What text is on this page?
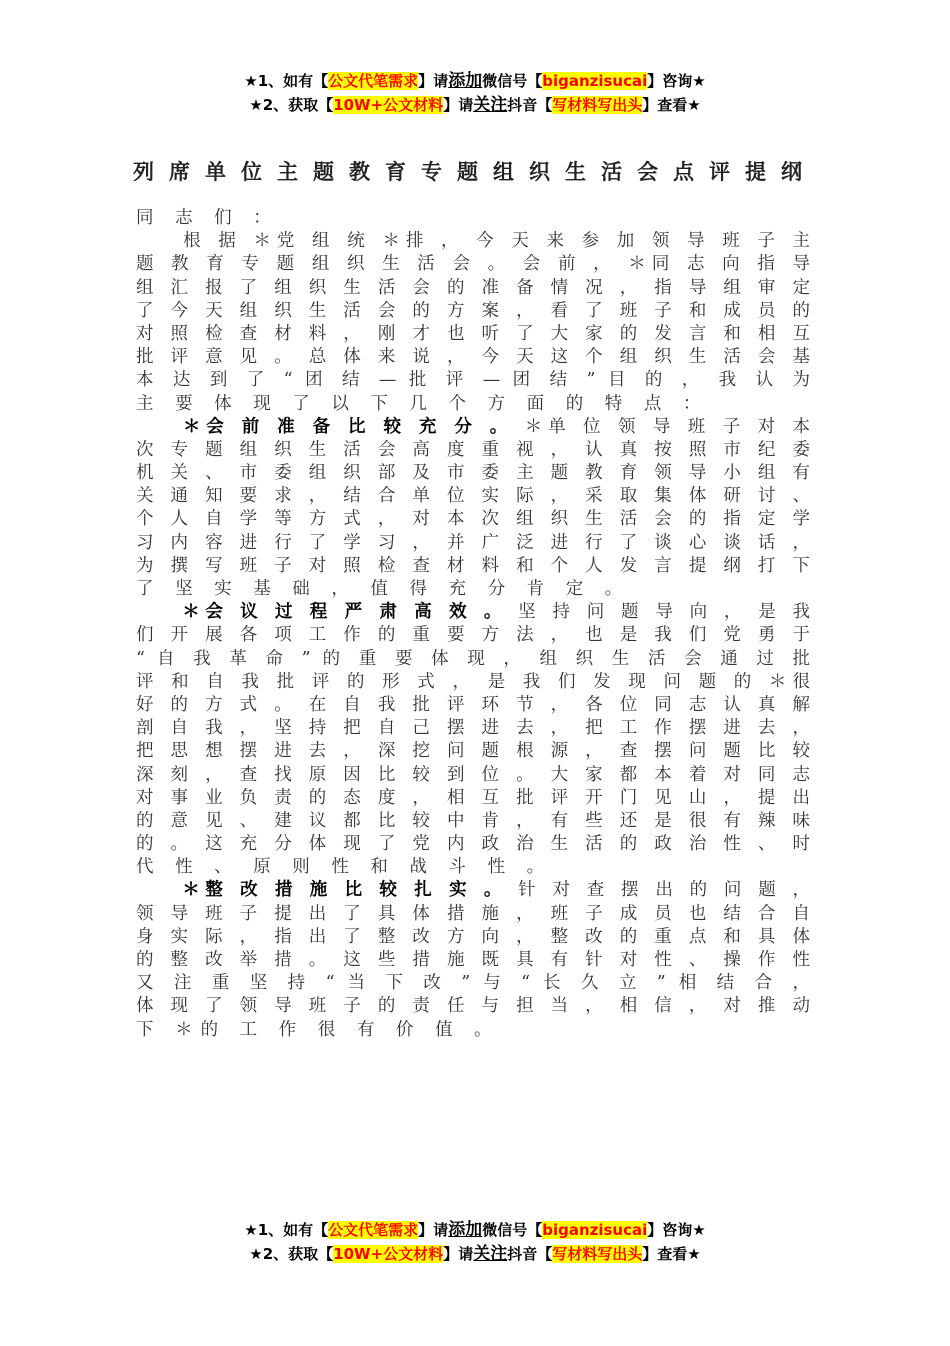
★1、如有【公文代笔需求】请添加微信号【biganzisucai】咨询★
★2、获取【10W+公文材料】请关注抖音【写材料写出头】查看★
列席单位主题教育专题组织生活会点评提纲
同 志 们 ：
　　根 据 ＊党 组 统 ＊排 ， 今 天 来 参 加 领 导 班 子 主
题 教 育 专 题 组 织 生 活 会 。 会 前 ， ＊同 志 向 指 导
组 汇 报 了 组 织 生 活 会 的 准 备 情 况 ， 指 导 组 审 定
了 今 天 组 织 生 活 会 的 方 案 ， 看 了 班 子 和 成 员 的
对 照 检 查 材 料 ， 刚 才 也 听 了 大 家 的 发 言 和 相 互
批 评 意 见 。 总 体 来 说 ， 今 天 这 个 组 织 生 活 会 基
本 达 到 了 “ 团 结 — 批 评 — 团 结 ” 目 的 ， 我 认 为
主 要 体 现 了 以 下 几 个 方 面 的 特 点 ：
　　＊会 前 准 备 比 较 充 分 。 ＊单 位 领 导 班 子 对 本
次 专 题 组 织 生 活 会 高 度 重 视 ， 认 真 按 照 市 纪 委
机 关 、 市 委 组 织 部 及 市 委 主 题 教 育 领 导 小 组 有
关 通 知 要 求 ， 结 合 单 位 实 际 ， 采 取 集 体 研 讨 、
个 人 自 学 等 方 式 ， 对 本 次 组 织 生 活 会 的 指 定 学
习 内 容 进 行 了 学 习 ， 并 广 泛 进 行 了 谈 心 谈 话 ，
为 撰 写 班 子 对 照 检 查 材 料 和 个 人 发 言 提 纲 打 下
了 坚 实 基 础 ， 值 得 充 分 肯 定 。
　　＊会 议 过 程 严 肃 高 效 。 坚 持 问 题 导 向 ， 是 我
们 开 展 各 项 工 作 的 重 要 方 法 ， 也 是 我 们 党 勇 于
“ 自 我 革 命 ” 的 重 要 体 现 ， 组 织 生 活 会 通 过 批
评 和 自 我 批 评 的 形 式 ， 是 我 们 发 现 问 题 的 ＊很
好 的 方 式 。 在 自 我 批 评 环 节 ， 各 位 同 志 认 真 解
剖 自 我 ， 坚 持 把 自 己 摆 进 去 ， 把 工 作 摆 进 去 ，
把 思 想 摆 进 去 ， 深 挖 问 题 根 源 ， 查 摆 问 题 比 较
深 刻 ， 查 找 原 因 比 较 到 位 。 大 家 都 本 着 对 同 志
对 事 业 负 责 的 态 度 ， 相 互 批 评 开 门 见 山 ， 提 出
的 意 见 、 建 议 都 比 较 中 肯 ， 有 些 还 是 很 有 辣 味
的 。 这 充 分 体 现 了 党 内 政 治 生 活 的 政 治 性 、 时
代 性 、 原 则 性 和 战 斗 性 。
　　＊整 改 措 施 比 较 扎 实 。 针 对 查 摆 出 的 问 题 ，
领 导 班 子 提 出 了 具 体 措 施 ， 班 子 成 员 也 结 合 自
身 实 际 ， 指 出 了 整 改 方 向 ， 整 改 的 重 点 和 具 体
的 整 改 举 措 。 这 些 措 施 既 具 有 针 对 性 、 操 作 性
又 注 重 坚 持 “ 当 下 改 ” 与 “ 长 久 立 ” 相 结 合 ，
体 现 了 领 导 班 子 的 责 任 与 担 当 ， 相 信 ， 对 推 动
下 ＊的 工 作 很 有 价 值 。
★1、如有【公文代笔需求】请添加微信号【biganzisucai】咨询★
★2、获取【10W+公文材料】请关注抖音【写材料写出头】查看★
